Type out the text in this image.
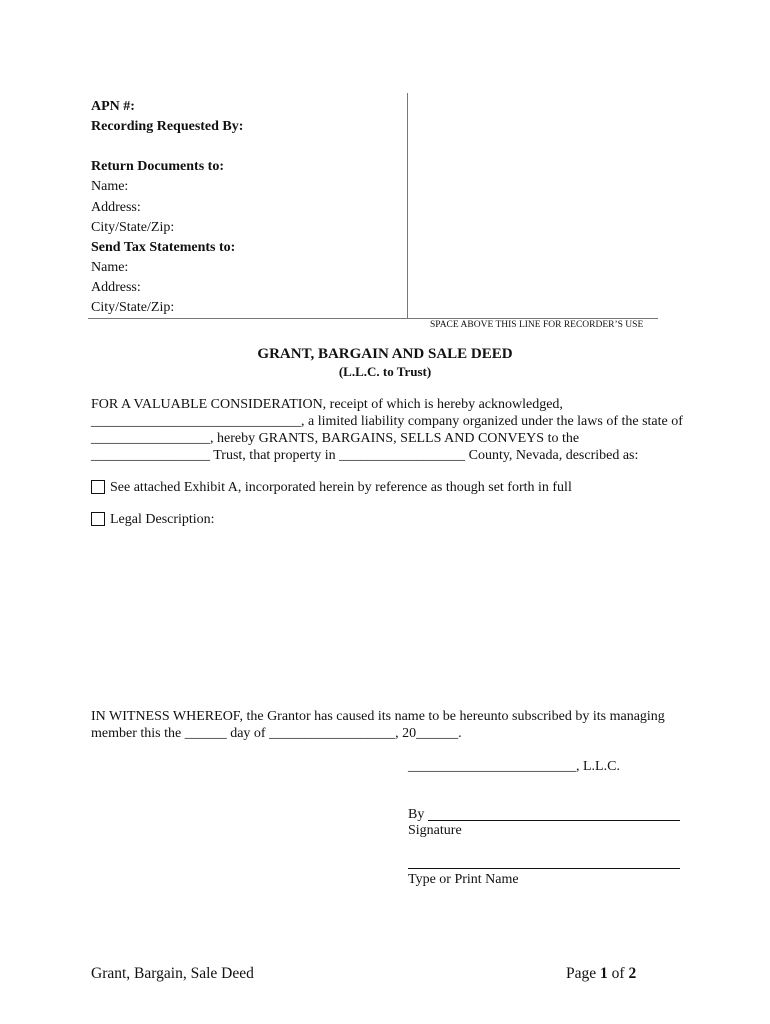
APN #:
Recording Requested By:
Return Documents to:
Name:
Address:
City/State/Zip:
Send Tax Statements to:
Name:
Address:
City/State/Zip:
SPACE ABOVE THIS LINE FOR RECORDER’S USE
GRANT, BARGAIN AND SALE DEED
(L.L.C. to Trust)
FOR A VALUABLE CONSIDERATION, receipt of which is hereby acknowledged,
______________________________, a limited liability company organized under the laws of the state of
_________________, hereby GRANTS, BARGAINS, SELLS AND CONVEYS to the
_________________ Trust, that property in __________________ County, Nevada, described as:
See attached Exhibit A, incorporated herein by reference as though set forth in full
Legal Description:
IN WITNESS WHEREOF, the Grantor has caused its name to be hereunto subscribed by its managing
member this the ______ day of __________________, 20______.
________________________, L.L.C.
By
Signature
Type or Print Name
Grant, Bargain, Sale Deed	Page 1 of 2
